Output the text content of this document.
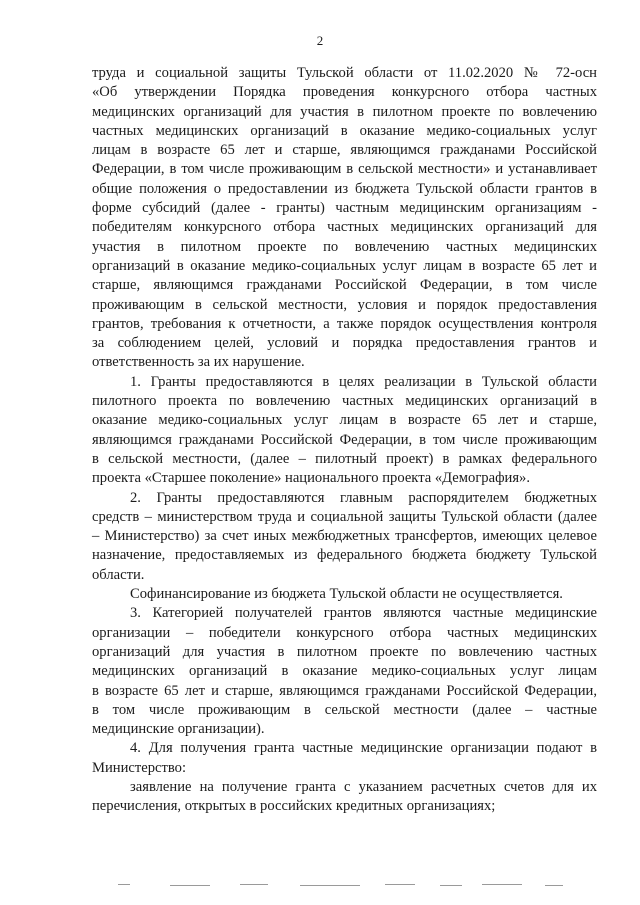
2
труда и социальной защиты Тульской области от 11.02.2020 № 72-осн
«Об утверждении Порядка проведения конкурсного отбора частных
медицинских организаций для участия в пилотном проекте по вовлечению
частных медицинских организаций в оказание медико-социальных услуг
лицам в возрасте 65 лет и старше, являющимся гражданами Российской
Федерации, в том числе проживающим в сельской местности» и устанавливает
общие положения о предоставлении из бюджета Тульской области грантов в
форме субсидий (далее - гранты) частным медицинским организациям -
победителям конкурсного отбора частных медицинских организаций для
участия в пилотном проекте по вовлечению частных медицинских
организаций в оказание медико-социальных услуг лицам в возрасте 65 лет и
старше, являющимся гражданами Российской Федерации, в том числе
проживающим в сельской местности, условия и порядок предоставления
грантов, требования к отчетности, а также порядок осуществления контроля
за соблюдением целей, условий и порядка предоставления грантов и
ответственность за их нарушение.
1. Гранты предоставляются в целях реализации в Тульской области
пилотного проекта по вовлечению частных медицинских организаций в
оказание медико-социальных услуг лицам в возрасте 65 лет и старше,
являющимся гражданами Российской Федерации, в том числе проживающим
в сельской местности, (далее – пилотный проект) в рамках федерального
проекта «Старшее поколение» национального проекта «Демография».
2. Гранты предоставляются главным распорядителем бюджетных
средств – министерством труда и социальной защиты Тульской области (далее
– Министерство) за счет иных межбюджетных трансфертов, имеющих целевое
назначение, предоставляемых из федерального бюджета бюджету Тульской
области.
Софинансирование из бюджета Тульской области не осуществляется.
3. Категорией получателей грантов являются частные медицинские
организации – победители конкурсного отбора частных медицинских
организаций для участия в пилотном проекте по вовлечению частных
медицинских организаций в оказание медико-социальных услуг лицам
в возрасте 65 лет и старше, являющимся гражданами Российской Федерации,
в том числе проживающим в сельской местности (далее – частные
медицинские организации).
4. Для получения гранта частные медицинские организации подают в
Министерство:
заявление на получение гранта с указанием расчетных счетов для их
перечисления, открытых в российских кредитных организациях;
